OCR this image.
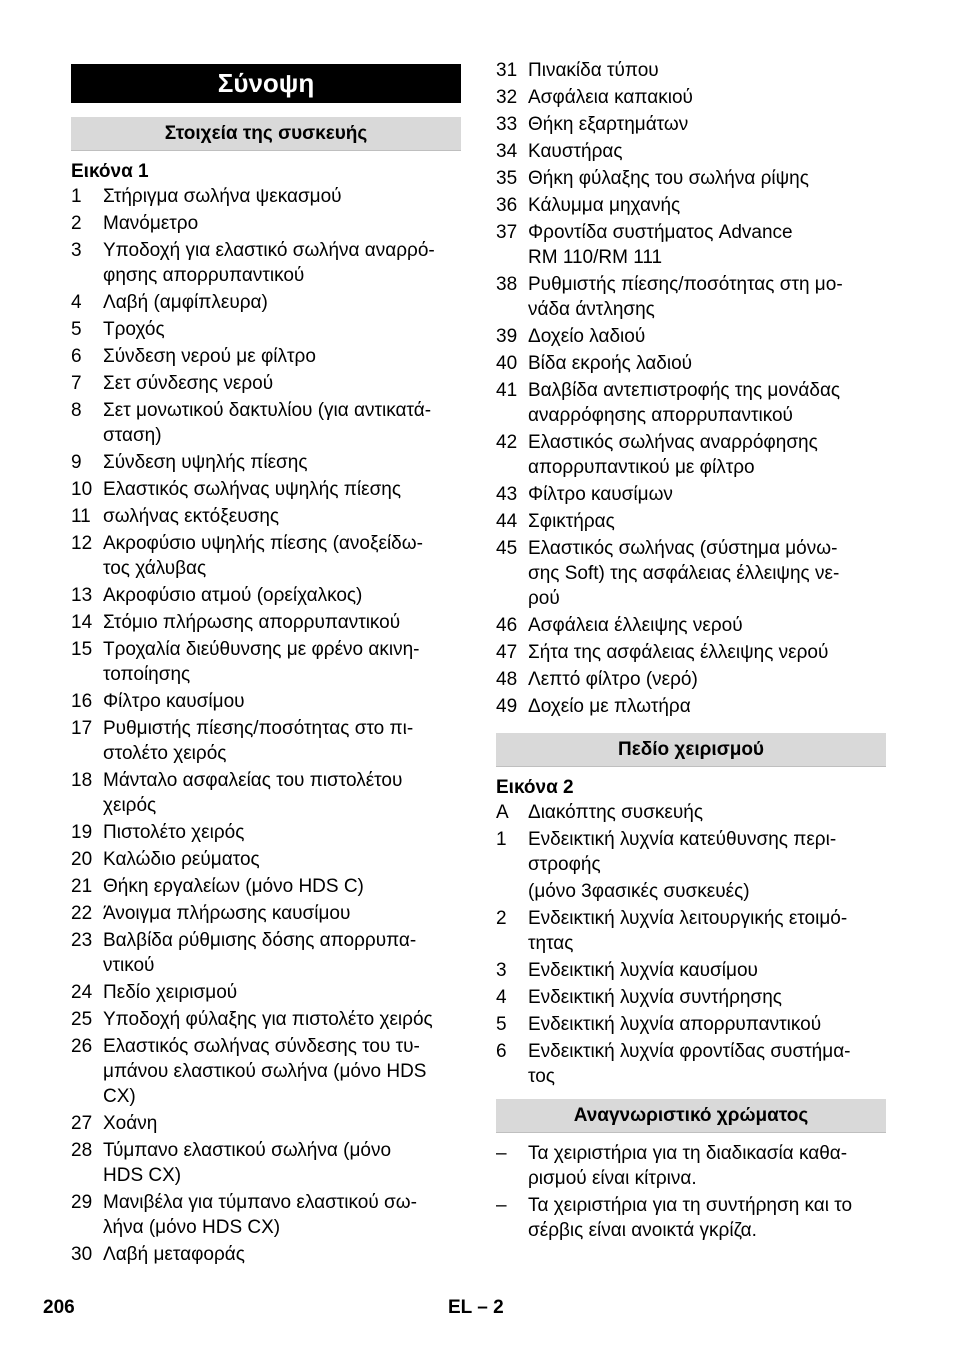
Σύνοψη
Στοιχεία της συσκευής
Εικόνα 1
1	Στήριγμα σωλήνα ψεκασμού
2	Μανόμετρο
3	Υποδοχή για ελαστικό σωλήνα αναρρό-
φησης απορρυπαντικού
4	Λαβή (αμφίπλευρα)
5	Τροχός
6	Σύνδεση νερού με φίλτρο
7	Σετ σύνδεσης νερού
8	Σετ μονωτικού δακτυλίου (για αντικατά-
σταση)
9	Σύνδεση υψηλής πίεσης
10 Ελαστικός σωλήνας υψηλής πίεσης
11 σωλήνας εκτόξευσης
12 Ακροφύσιο υψηλής πίεσης (ανοξείδω-
τος χάλυβας
13 Ακροφύσιο ατμού (ορείχαλκος)
14 Στόμιο πλήρωσης απορρυπαντικού
15 Τροχαλία διεύθυνσης με φρένο ακινη-
τοποίησης
16 Φίλτρο καυσίμου
17 Ρυθμιστής πίεσης/ποσότητας στο πι-
στολέτο χειρός
18 Μάνταλο ασφαλείας του πιστολέτου
χειρός
19 Πιστολέτο χειρός
20 Καλώδιο ρεύματος
21 Θήκη εργαλείων (μόνο HDS C)
22 Άνοιγμα πλήρωσης καυσίμου
23 Βαλβίδα ρύθμισης δόσης απορρυπα-
ντικού
24 Πεδίο χειρισμού
25 Υποδοχή φύλαξης για πιστολέτο χειρός
26 Ελαστικός σωλήνας σύνδεσης του τυ-
μπάνου ελαστικού σωλήνα (μόνο HDS
CX)
27 Χοάνη
28 Τύμπανο ελαστικού σωλήνα (μόνο
HDS CX)
29 Μανιβέλα για τύμπανο ελαστικού σω-
λήνα (μόνο HDS CX)
30 Λαβή μεταφοράς
31 Πινακίδα τύπου
32 Ασφάλεια καπακιού
33 Θήκη εξαρτημάτων
34 Καυστήρας
35 Θήκη φύλαξης του σωλήνα ρίψης
36 Κάλυμμα μηχανής
37 Φροντίδα συστήματος Advance
RM 110/RM 111
38 Ρυθμιστής πίεσης/ποσότητας στη μο-
νάδα άντλησης
39 Δοχείο λαδιού
40 Βίδα εκροής λαδιού
41 Βαλβίδα αντεπιστροφής της μονάδας
αναρρόφησης απορρυπαντικού
42 Ελαστικός σωλήνας αναρρόφησης
απορρυπαντικού με φίλτρο
43 Φίλτρο καυσίμων
44 Σφικτήρας
45 Ελαστικός σωλήνας (σύστημα μόνω-
σης Soft) της ασφάλειας έλλειψης νε-
ρού
46 Ασφάλεια έλλειψης νερού
47 Σήτα της ασφάλειας έλλειψης νερού
48 Λεπτό φίλτρο (νερό)
49 Δοχείο με πλωτήρα
Πεδίο χειρισμού
Εικόνα 2
A	Διακόπτης συσκευής
1	Ενδεικτική λυχνία κατεύθυνσης περι-
στροφής
(μόνο 3φασικές συσκευές)
2	Ενδεικτική λυχνία λειτουργικής ετοιμό-
τητας
3	Ενδεικτική λυχνία καυσίμου
4	Ενδεικτική λυχνία συντήρησης
5	Ενδεικτική λυχνία απορρυπαντικού
6	Ενδεικτική λυχνία φροντίδας συστήμα-
τος
Αναγνωριστικό χρώματος
–	Τα χειριστήρια για τη διαδικασία καθα-
ρισμού είναι κίτρινα.
–	Τα χειριστήρια για τη συντήρηση και το
σέρβις είναι ανοικτά γκρίζα.
206	EL – 2
